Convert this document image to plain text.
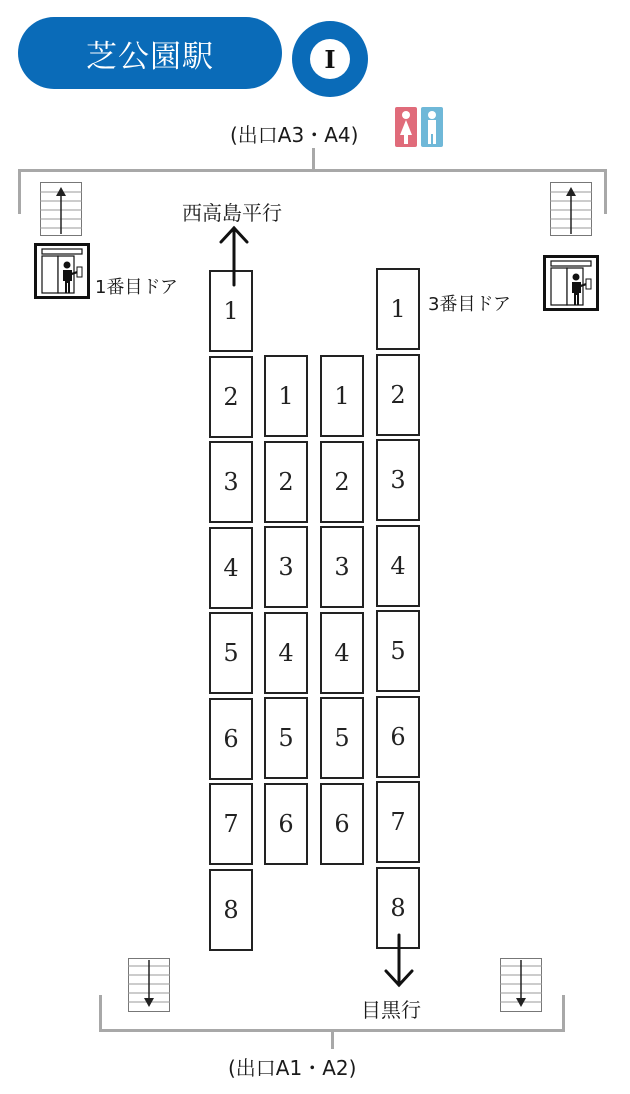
芝公園駅	I
(出口A3・A4)
(出口A1・A2)
1番目ドア
3番目ドア
西高島平行
目黒行
1
2
3
4
5
6
7
8
1
2
3
4
5
6
1
2
3
4
5
6
1
2
3
4
5
6
7
8
